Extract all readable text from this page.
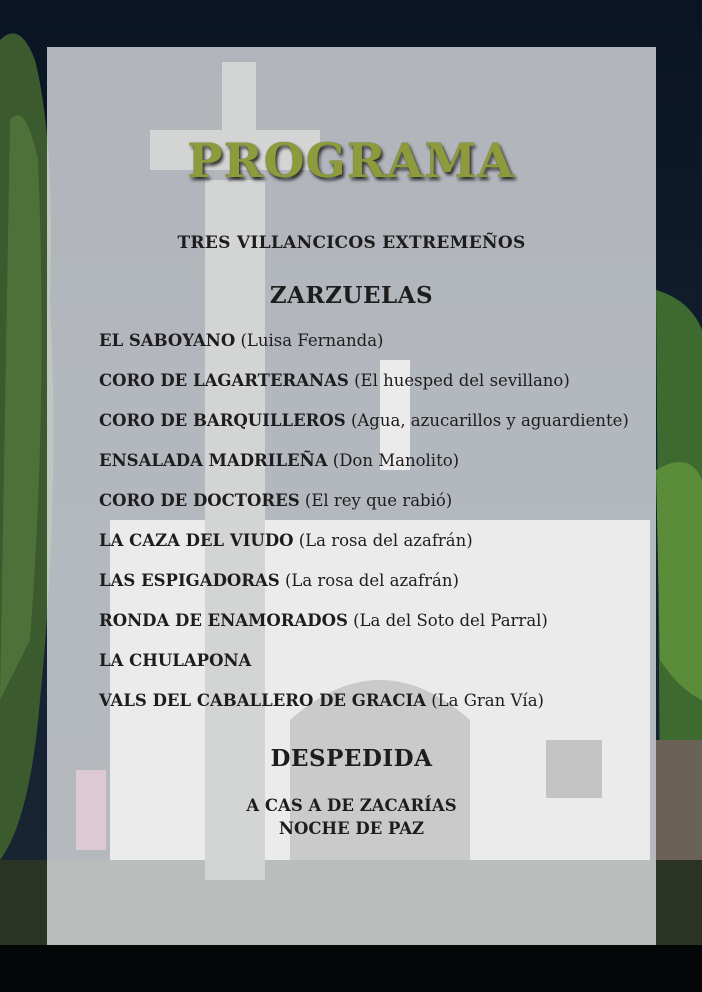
PROGRAMA
TRES VILLANCICOS EXTREMEÑOS
ZARZUELAS
EL SABOYANO (Luisa Fernanda)
CORO DE LAGARTERANAS (El huesped del sevillano)
CORO DE BARQUILLEROS (Agua, azucarillos y aguardiente)
ENSALADA MADRILEÑA (Don Manolito)
CORO DE DOCTORES (El rey que rabió)
LA CAZA DEL VIUDO (La rosa del azafrán)
LAS ESPIGADORAS (La rosa del azafrán)
RONDA DE ENAMORADOS (La del Soto del Parral)
LA CHULAPONA
VALS DEL CABALLERO DE GRACIA (La Gran Vía)
DESPEDIDA
A CAS A DE ZACARÍAS
NOCHE DE PAZ
